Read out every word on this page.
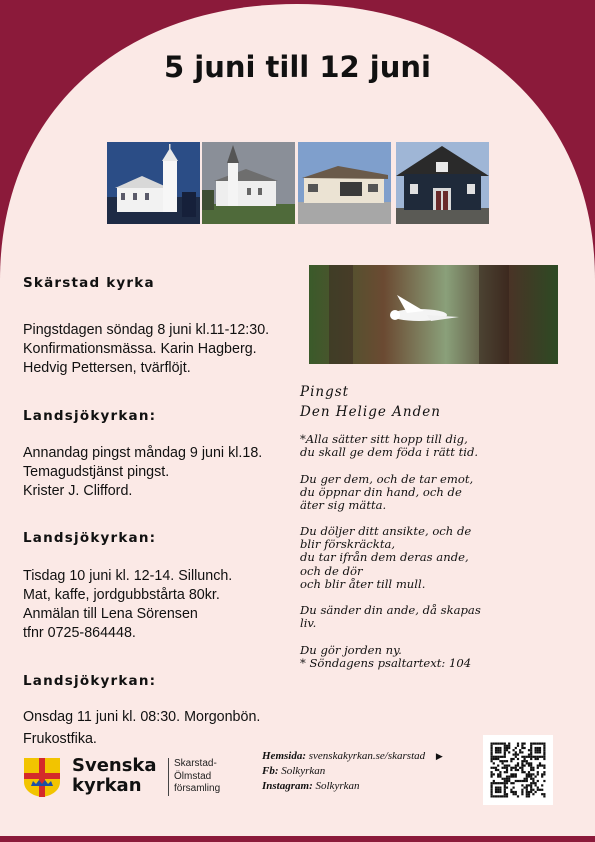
5 juni till 12 juni
Skärstad kyrka
Pingstdagen söndag 8 juni kl.11-12:30.
Konfirmationsmässa. Karin Hagberg.
Hedvig Pettersen, tvärflöjt.
Landsjökyrkan:
Annandag pingst måndag 9 juni kl.18.
Temagudstjänst pingst.
Krister J. Clifford.
Landsjökyrkan:
Tisdag 10 juni kl. 12-14. Sillunch.
Mat, kaffe, jordgubbstårta 80kr.
Anmälan till Lena Sörensen
tfnr 0725-864448.
Landsjökyrkan:
Onsdag 11 juni kl. 08:30. Morgonbön.
Frukostfika.
Pingst
Den Helige Anden
*Alla sätter sitt hopp till dig,
du skall ge dem föda i rätt tid.
Du ger dem, och de tar emot,
du öppnar din hand, och de
äter sig mätta.
Du döljer ditt ansikte, och de
blir förskräckta,
du tar ifrån dem deras ande,
och de dör
och blir åter till mull.
Du sänder din ande, då skapas
liv.
Du gör jorden ny.
* Söndagens psaltartext: 104
Svenska
kyrkan
Skarstad-
Ölmstad
församling
Hemsida: svenskakyrkan.se/skarstad ▶
Fb: Solkyrkan
Instagram: Solkyrkan
